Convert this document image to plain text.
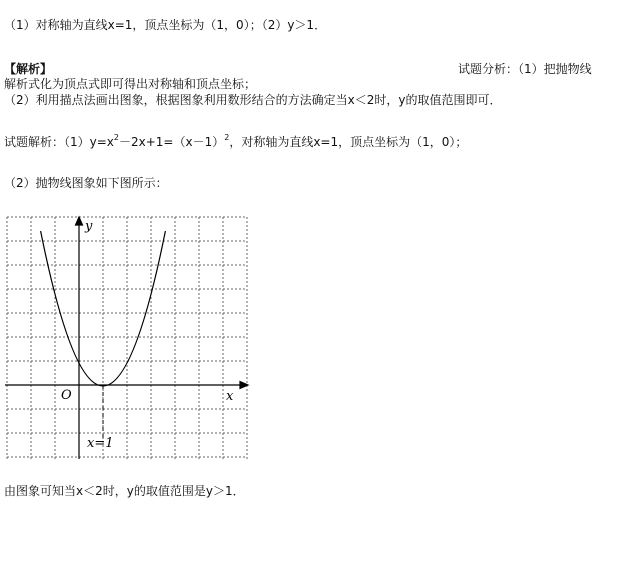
（1）对称轴为直线x=1，顶点坐标为（1，0）；（2）y＞1．
【解析】	试题分析：（1）把抛物线
解析式化为顶点式即可得出对称轴和顶点坐标；
（2）利用描点法画出图象，根据图象利用数形结合的方法确定当x＜2时，y的取值范围即可．
试题解析：$(1)y=x^2-2x+1=(x-1)^2$，对称轴为直线x=1，顶点坐标为（1，0）；
（2）抛物线图象如下图所示：
y
x
O
x=1
由图象可知当x＜2时，y的取值范围是y＞1．
